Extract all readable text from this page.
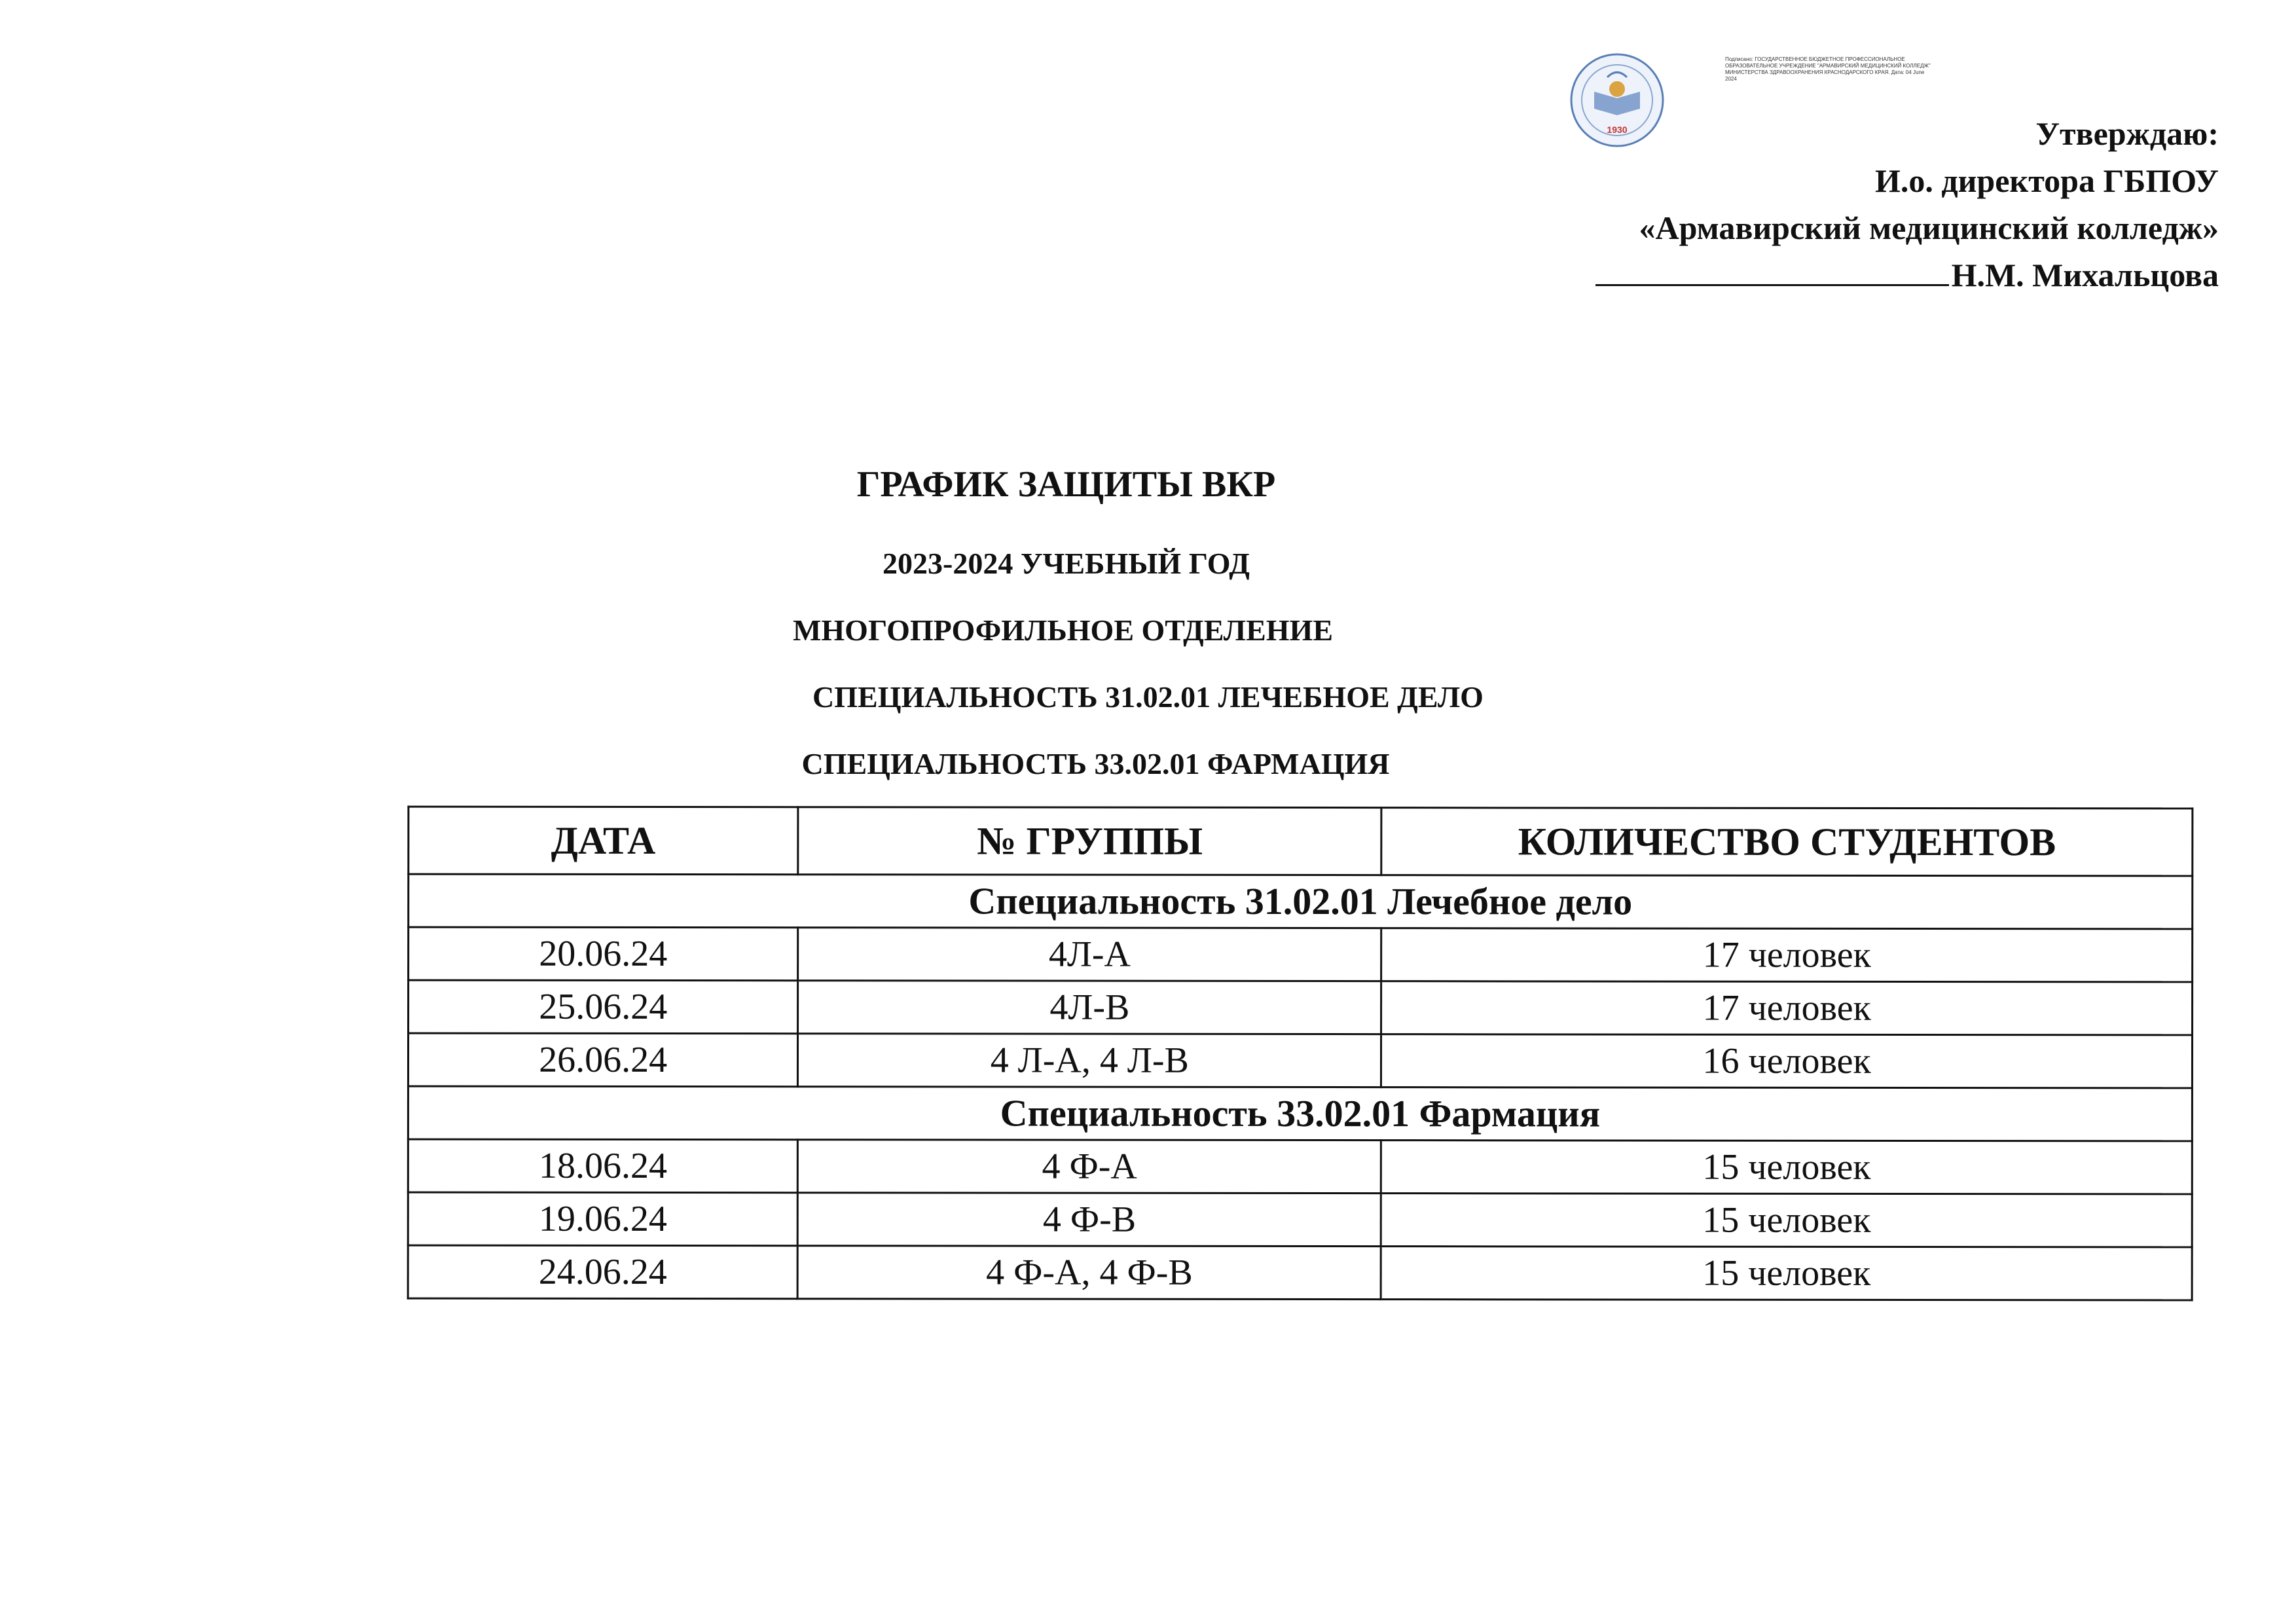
1930
Подписано: ГОСУДАРСТВЕННОЕ БЮДЖЕТНОЕ ПРОФЕССИОНАЛЬНОЕ ОБРАЗОВАТЕЛЬНОЕ УЧРЕЖДЕНИЕ "АРМАВИРСКИЙ МЕДИЦИНСКИЙ КОЛЛЕДЖ" МИНИСТЕРСТВА ЗДРАВООХРАНЕНИЯ КРАСНОДАРСКОГО КРАЯ. Дата: 04 June 2024
Утверждаю:
И.о. директора ГБПОУ
«Армавирский медицинский колледж»
Н.М. Михальцова
ГРАФИК ЗАЩИТЫ ВКР
2023-2024 УЧЕБНЫЙ ГОД
МНОГОПРОФИЛЬНОЕ ОТДЕЛЕНИЕ
СПЕЦИАЛЬНОСТЬ 31.02.01 ЛЕЧЕБНОЕ ДЕЛО
СПЕЦИАЛЬНОСТЬ 33.02.01 ФАРМАЦИЯ
ДАТА	№ ГРУППЫ	КОЛИЧЕСТВО СТУДЕНТОВ
Специальность 31.02.01 Лечебное дело		
20.06.24	4Л-А	17 человек
25.06.24	4Л-В	17 человек
26.06.24	4 Л-А, 4 Л-В	16 человек
Специальность 33.02.01 Фармация		
18.06.24	4 Ф-А	15 человек
19.06.24	4 Ф-В	15 человек
24.06.24	4 Ф-А, 4 Ф-В	15 человек
